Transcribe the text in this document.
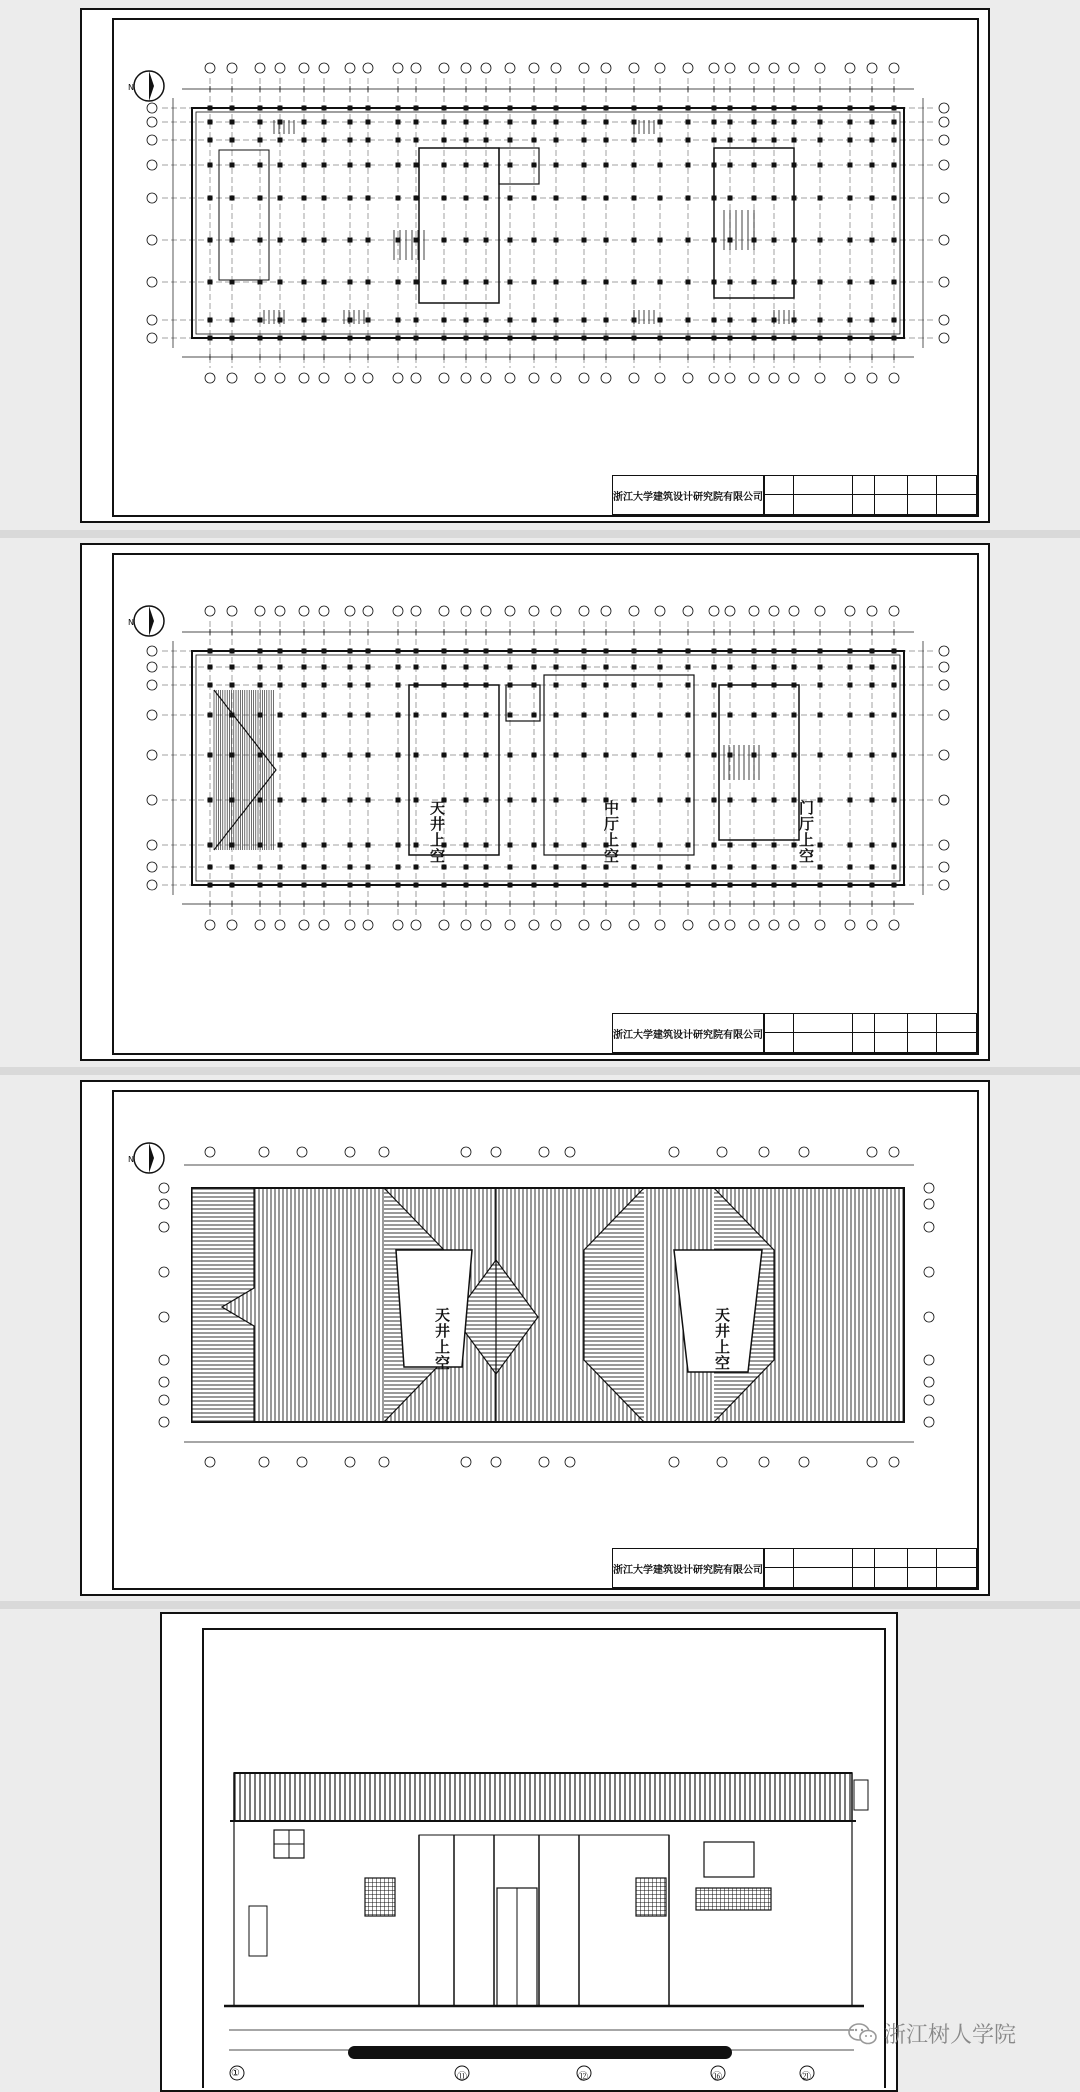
N
浙江大学建筑设计研究院有限公司
N
天井上空	中厅上空	门厅上空
浙江大学建筑设计研究院有限公司
N
天井上空	天井上空
浙江大学建筑设计研究院有限公司
①	⑪	⑫	⑯	㉑
浙江树人学院
